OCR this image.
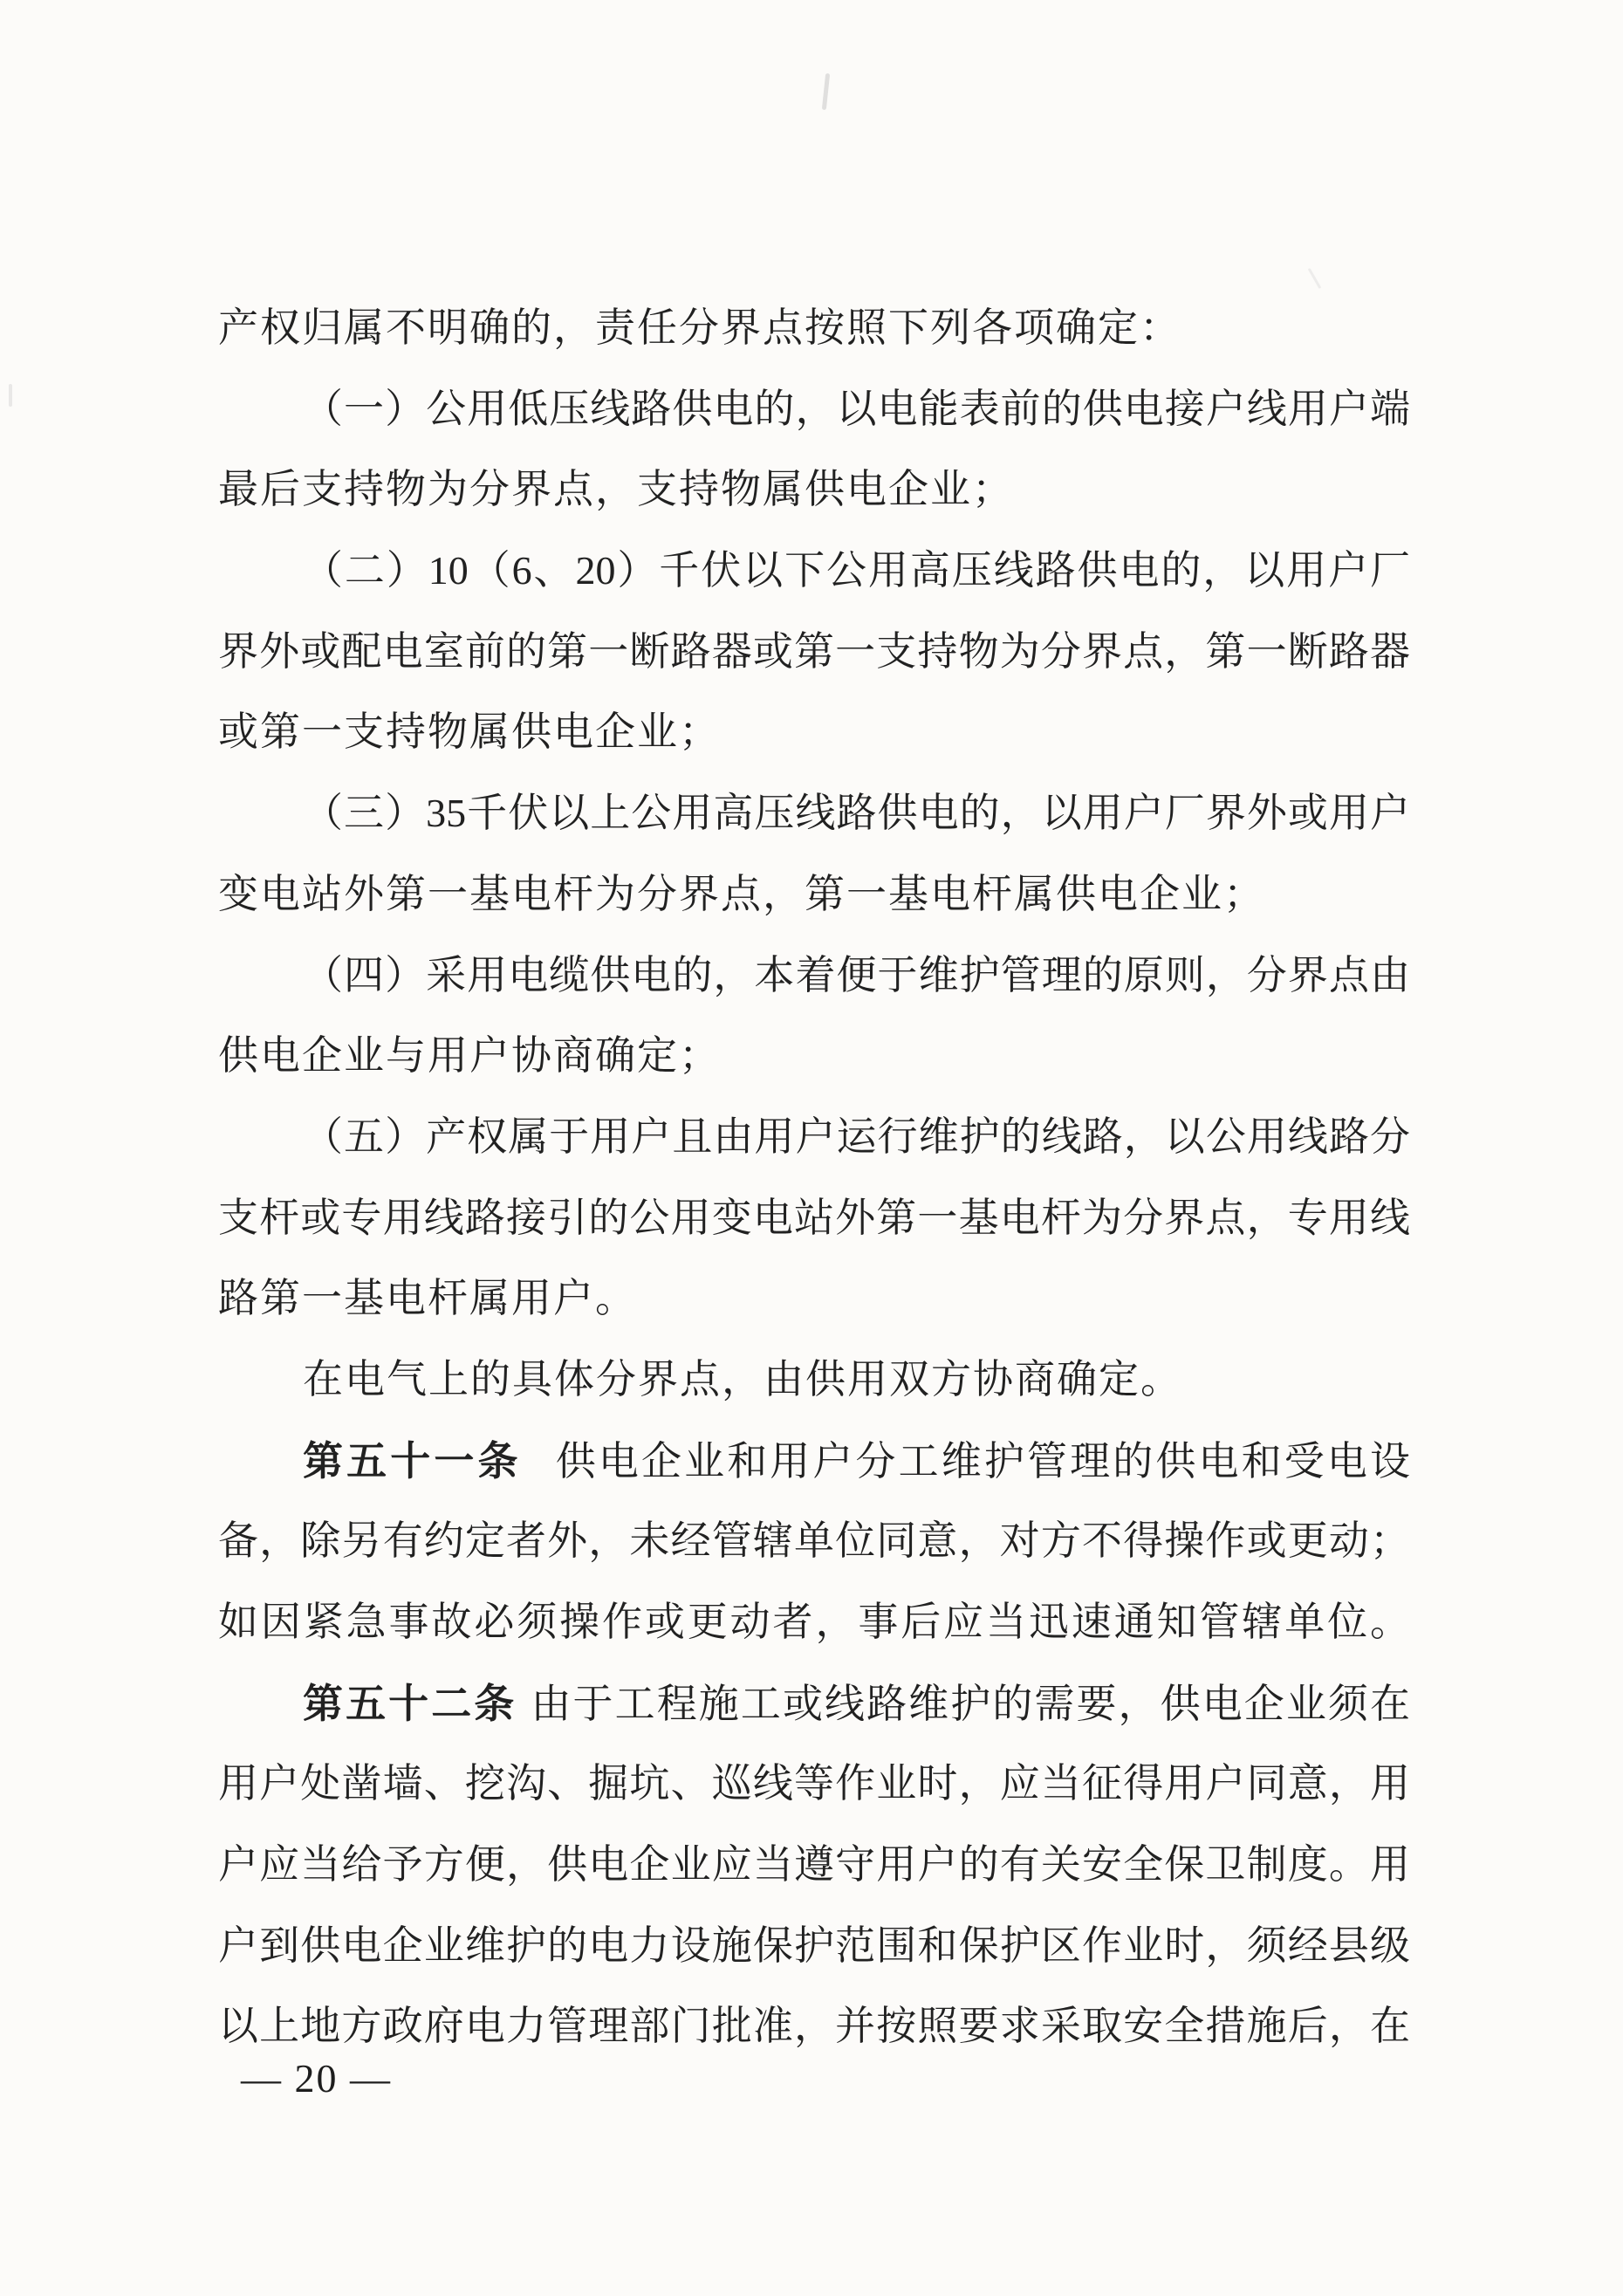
产权归属不明确的，责任分界点按照下列各项确定：
（一）公用低压线路供电的，以电能表前的供电接户线用户端
最后支持物为分界点，支持物属供电企业；
（二）10（6、20）千伏以下公用高压线路供电的，以用户厂
界外或配电室前的第一断路器或第一支持物为分界点，第一断路器
或第一支持物属供电企业；
（三）35千伏以上公用高压线路供电的，以用户厂界外或用户
变电站外第一基电杆为分界点，第一基电杆属供电企业；
（四）采用电缆供电的，本着便于维护管理的原则，分界点由
供电企业与用户协商确定；
（五）产权属于用户且由用户运行维护的线路，以公用线路分
支杆或专用线路接引的公用变电站外第一基电杆为分界点，专用线
路第一基电杆属用户。
在电气上的具体分界点，由供用双方协商确定。
第五十一条 供电企业和用户分工维护管理的供电和受电设
备，除另有约定者外，未经管辖单位同意，对方不得操作或更动；
如因紧急事故必须操作或更动者，事后应当迅速通知管辖单位。
第五十二条 由于工程施工或线路维护的需要，供电企业须在
用户处凿墙、挖沟、掘坑、巡线等作业时，应当征得用户同意，用
户应当给予方便，供电企业应当遵守用户的有关安全保卫制度。用
户到供电企业维护的电力设施保护范围和保护区作业时，须经县级
以上地方政府电力管理部门批准，并按照要求采取安全措施后，在
— 20 —
